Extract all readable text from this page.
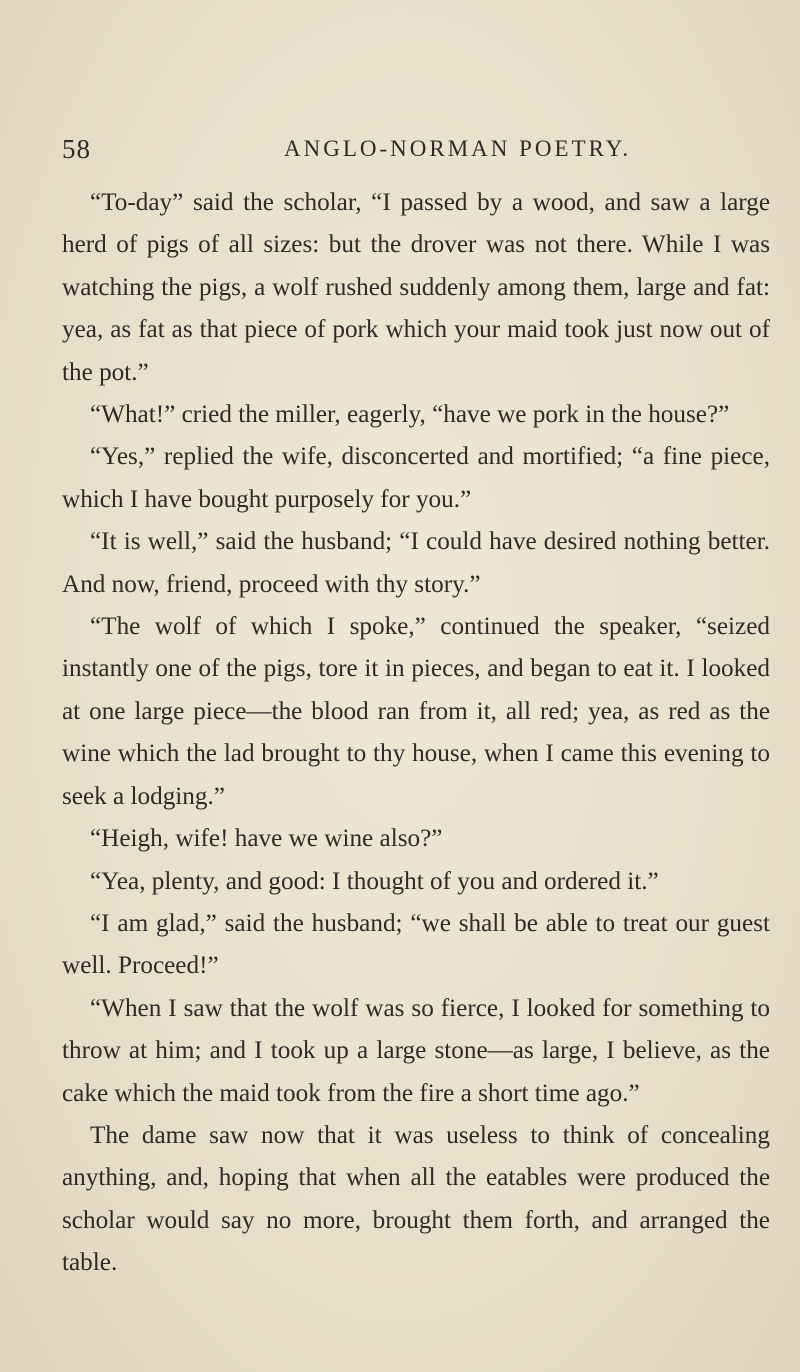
58	ANGLO-NORMAN POETRY.

“To-day” said the scholar, “I passed by a wood, and saw a large herd of pigs of all sizes: but the drover was not there. While I was watching the pigs, a wolf rushed suddenly among them, large and fat: yea, as fat as that piece of pork which your maid took just now out of the pot.”

“What!” cried the miller, eagerly, “have we pork in the house?”

“Yes,” replied the wife, disconcerted and mortified; “a fine piece, which I have bought purposely for you.”

“It is well,” said the husband; “I could have desired nothing better. And now, friend, proceed with thy story.”

“The wolf of which I spoke,” continued the speaker, “seized instantly one of the pigs, tore it in pieces, and began to eat it. I looked at one large piece—the blood ran from it, all red; yea, as red as the wine which the lad brought to thy house, when I came this evening to seek a lodging.”

“Heigh, wife! have we wine also?”

“Yea, plenty, and good: I thought of you and ordered it.”

“I am glad,” said the husband; “we shall be able to treat our guest well. Proceed!”

“When I saw that the wolf was so fierce, I looked for something to throw at him; and I took up a large stone—as large, I believe, as the cake which the maid took from the fire a short time ago.”

The dame saw now that it was useless to think of concealing anything, and, hoping that when all the eatables were produced the scholar would say no more, brought them forth, and arranged the table.
